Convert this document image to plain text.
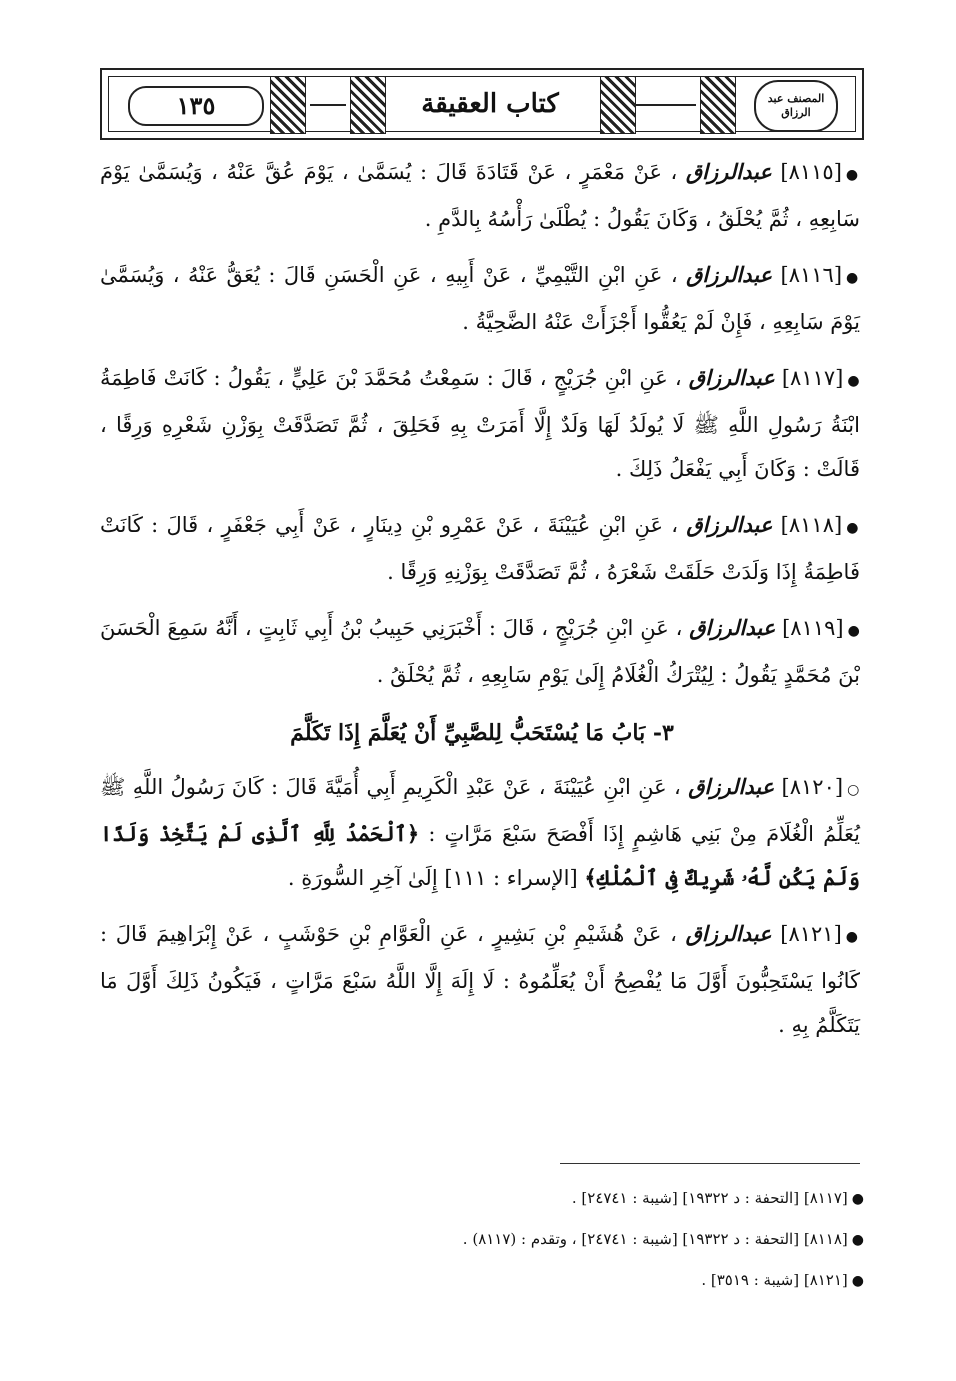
١٣٥	كتاب العقيقة	المصنف عبد الرزاق
●[٨١١٥] عبدالرزاق ، عَنْ مَعْمَرٍ ، عَنْ قَتَادَةَ قَالَ : يُسَمَّىٰ ، يَوْمَ عُقَّ عَنْهُ ، وَيُسَمَّىٰ يَوْمَ سَابِعِهِ ، ثُمَّ يُحْلَقُ ، وَكَانَ يَقُولُ : يُطْلَىٰ رَأْسُهُ بِالدَّمِ .
●[٨١١٦] عبدالرزاق ، عَنِ ابْنِ التَّيْمِيِّ ، عَنْ أَبِيهِ ، عَنِ الْحَسَنِ قَالَ : يُعَقُّ عَنْهُ ، وَيُسَمَّىٰ يَوْمَ سَابِعِهِ ، فَإِنْ لَمْ يَعُقُّوا أَجْزَأَتْ عَنْهُ الضَّحِيَّةُ .
●[٨١١٧] عبدالرزاق ، عَنِ ابْنِ جُرَيْجٍ ، قَالَ : سَمِعْتُ مُحَمَّدَ بْنَ عَلِيٍّ ، يَقُولُ : كَانَتْ فَاطِمَةُ ابْنَةُ رَسُولِ اللَّهِ ﷺ لَا يُولَدُ لَهَا وَلَدٌ إِلَّا أَمَرَتْ بِهِ فَحَلِقَ ، ثُمَّ تَصَدَّقَتْ بِوَزْنِ شَعْرِهِ وَرِقًا ، قَالَتْ : وَكَانَ أَبِي يَفْعَلُ ذَلِكَ .
●[٨١١٨] عبدالرزاق ، عَنِ ابْنِ عُيَيْنَةَ ، عَنْ عَمْرِو بْنِ دِينَارٍ ، عَنْ أَبِي جَعْفَرٍ ، قَالَ : كَانَتْ فَاطِمَةُ إِذَا وَلَدَتْ حَلَقَتْ شَعْرَهُ ، ثُمَّ تَصَدَّقَتْ بِوَزْنِهِ وَرِقًا .
●[٨١١٩] عبدالرزاق ، عَنِ ابْنِ جُرَيْجٍ ، قَالَ : أَخْبَرَنِي حَبِيبُ بْنُ أَبِي ثَابِتٍ ، أَنَّهُ سَمِعَ الْحَسَنَ بْنَ مُحَمَّدٍ يَقُولُ : لِيُتْرَكُ الْغُلَامُ إِلَىٰ يَوْمِ سَابِعِهِ ، ثُمَّ يُحْلَقُ .
٣- بَابُ مَا يُسْتَحَبُّ لِلصَّبِيِّ أَنْ يُعَلَّمَ إِذَا تَكَلَّمَ
○[٨١٢٠] عبدالرزاق ، عَنِ ابْنِ عُيَيْنَةَ ، عَنْ عَبْدِ الْكَرِيمِ أَبِي أُمَيَّةَ قَالَ : كَانَ رَسُولُ اللَّهِ ﷺ يُعَلِّمُ الْغُلَامَ مِنْ بَنِي هَاشِمٍ إِذَا أَفْصَحَ سَبْعَ مَرَّاتٍ : ﴿ٱلْحَمْدُ لِلَّهِ ٱلَّذِى لَمْ يَتَّخِذْ وَلَدًا وَلَمْ يَكُن لَّهُۥ شَرِيكٌ فِى ٱلْمُلْكِ﴾ [الإسراء : ١١١] إِلَىٰ آخِرِ السُّورَةِ .
●[٨١٢١] عبدالرزاق ، عَنْ هُشَيْمِ بْنِ بَشِيرٍ ، عَنِ الْعَوَّامِ بْنِ حَوْشَبٍ ، عَنْ إِبْرَاهِيمَ قَالَ : كَانُوا يَسْتَحِبُّونَ أَوَّلَ مَا يُفْصِحُ أَنْ يُعَلِّمُوهُ : لَا إِلَهَ إِلَّا اللَّهُ سَبْعَ مَرَّاتٍ ، فَيَكُونُ ذَلِكَ أَوَّلَ مَا يَتَكَلَّمُ بِهِ .
●[٨١١٧] [التحفة : د ١٩٣٢٢] [شيبة : ٢٤٧٤١] .
●[٨١١٨] [التحفة : د ١٩٣٢٢] [شيبة : ٢٤٧٤١] ، وتقدم : (٨١١٧) .
●[٨١٢١] [شيبة : ٣٥١٩] .
